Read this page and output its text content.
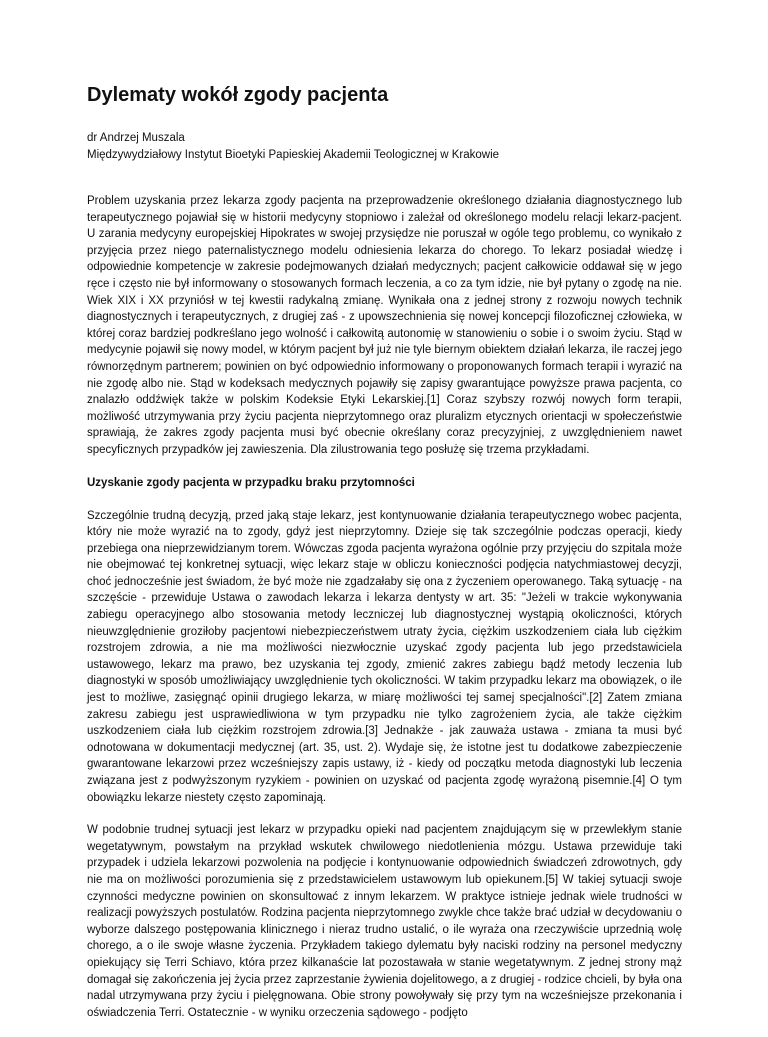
Dylematy wokół zgody pacjenta

dr Andrzej Muszala

Międzywydziałowy Instytut Bioetyki Papieskiej Akademii Teologicznej w Krakowie

Problem uzyskania przez lekarza zgody pacjenta na przeprowadzenie określonego działania diagnostycznego lub terapeutycznego pojawiał się w historii medycyny stopniowo i zależał od określonego modelu relacji lekarz-pacjent. U zarania medycyny europejskiej Hipokrates w swojej przysiędze nie poruszał w ogóle tego problemu, co wynikało z przyjęcia przez niego paternalistycznego modelu odniesienia lekarza do chorego. To lekarz posiadał wiedzę i odpowiednie kompetencje w zakresie podejmowanych działań medycznych; pacjent całkowicie oddawał się w jego ręce i często nie był informowany o stosowanych formach leczenia, a co za tym idzie, nie był pytany o zgodę na nie. Wiek XIX i XX przyniósł w tej kwestii radykalną zmianę. Wynikała ona z jednej strony z rozwoju nowych technik diagnostycznych i terapeutycznych, z drugiej zaś - z upowszechnienia się nowej koncepcji filozoficznej człowieka, w której coraz bardziej podkreślano jego wolność i całkowitą autonomię w stanowieniu o sobie i o swoim życiu. Stąd w medycynie pojawił się nowy model, w którym pacjent był już nie tyle biernym obiektem działań lekarza, ile raczej jego równorzędnym partnerem; powinien on być odpowiednio informowany o proponowanych formach terapii i wyrazić na nie zgodę albo nie. Stąd w kodeksach medycznych pojawiły się zapisy gwarantujące powyższe prawa pacjenta, co znalazło oddźwięk także w polskim Kodeksie Etyki Lekarskiej.[1] Coraz szybszy rozwój nowych form terapii, możliwość utrzymywania przy życiu pacjenta nieprzytomnego oraz pluralizm etycznych orientacji w społeczeństwie sprawiają, że zakres zgody pacjenta musi być obecnie określany coraz precyzyjniej, z uwzględnieniem nawet specyficznych przypadków jej zawieszenia. Dla zilustrowania tego posłużę się trzema przykładami.

Uzyskanie zgody pacjenta w przypadku braku przytomności

Szczególnie trudną decyzją, przed jaką staje lekarz, jest kontynuowanie działania terapeutycznego wobec pacjenta, który nie może wyrazić na to zgody, gdyż jest nieprzytomny. Dzieje się tak szczególnie podczas operacji, kiedy przebiega ona nieprzewidzianym torem. Wówczas zgoda pacjenta wyrażona ogólnie przy przyjęciu do szpitala może nie obejmować tej konkretnej sytuacji, więc lekarz staje w obliczu konieczności podjęcia natychmiastowej decyzji, choć jednocześnie jest świadom, że być może nie zgadzałaby się ona z życzeniem operowanego. Taką sytuację - na szczęście - przewiduje Ustawa o zawodach lekarza i lekarza dentysty w art. 35: "Jeżeli w trakcie wykonywania zabiegu operacyjnego albo stosowania metody leczniczej lub diagnostycznej wystąpią okoliczności, których nieuwzględnienie groziłoby pacjentowi niebezpieczeństwem utraty życia, ciężkim uszkodzeniem ciała lub ciężkim rozstrojem zdrowia, a nie ma możliwości niezwłocznie uzyskać zgody pacjenta lub jego przedstawiciela ustawowego, lekarz ma prawo, bez uzyskania tej zgody, zmienić zakres zabiegu bądź metody leczenia lub diagnostyki w sposób umożliwiający uwzględnienie tych okoliczności. W takim przypadku lekarz ma obowiązek, o ile jest to możliwe, zasięgnąć opinii drugiego lekarza, w miarę możliwości tej samej specjalności".[2] Zatem zmiana zakresu zabiegu jest usprawiedliwiona w tym przypadku nie tylko zagrożeniem życia, ale także ciężkim uszkodzeniem ciała lub ciężkim rozstrojem zdrowia.[3] Jednakże - jak zauważa ustawa - zmiana ta musi być odnotowana w dokumentacji medycznej (art. 35, ust. 2). Wydaje się, że istotne jest tu dodatkowe zabezpieczenie gwarantowane lekarzowi przez wcześniejszy zapis ustawy, iż - kiedy od początku metoda diagnostyki lub leczenia związana jest z podwyższonym ryzykiem - powinien on uzyskać od pacjenta zgodę wyrażoną pisemnie.[4] O tym obowiązku lekarze niestety często zapominają.

W podobnie trudnej sytuacji jest lekarz w przypadku opieki nad pacjentem znajdującym się w przewlekłym stanie wegetatywnym, powstałym na przykład wskutek chwilowego niedotlenienia mózgu. Ustawa przewiduje taki przypadek i udziela lekarzowi pozwolenia na podjęcie i kontynuowanie odpowiednich świadczeń zdrowotnych, gdy nie ma on możliwości porozumienia się z przedstawicielem ustawowym lub opiekunem.[5] W takiej sytuacji swoje czynności medyczne powinien on skonsultować z innym lekarzem. W praktyce istnieje jednak wiele trudności w realizacji powyższych postulatów. Rodzina pacjenta nieprzytomnego zwykle chce także brać udział w decydowaniu o wyborze dalszego postępowania klinicznego i nieraz trudno ustalić, o ile wyraża ona rzeczywiście uprzednią wolę chorego, a o ile swoje własne życzenia. Przykładem takiego dylematu były naciski rodziny na personel medyczny opiekujący się Terri Schiavo, która przez kilkanaście lat pozostawała w stanie wegetatywnym. Z jednej strony mąż domagał się zakończenia jej życia przez zaprzestanie żywienia dojelitowego, a z drugiej - rodzice chcieli, by była ona nadal utrzymywana przy życiu i pielęgnowana. Obie strony powoływały się przy tym na wcześniejsze przekonania i oświadczenia Terri. Ostatecznie - w wyniku orzeczenia sądowego - podjęto
